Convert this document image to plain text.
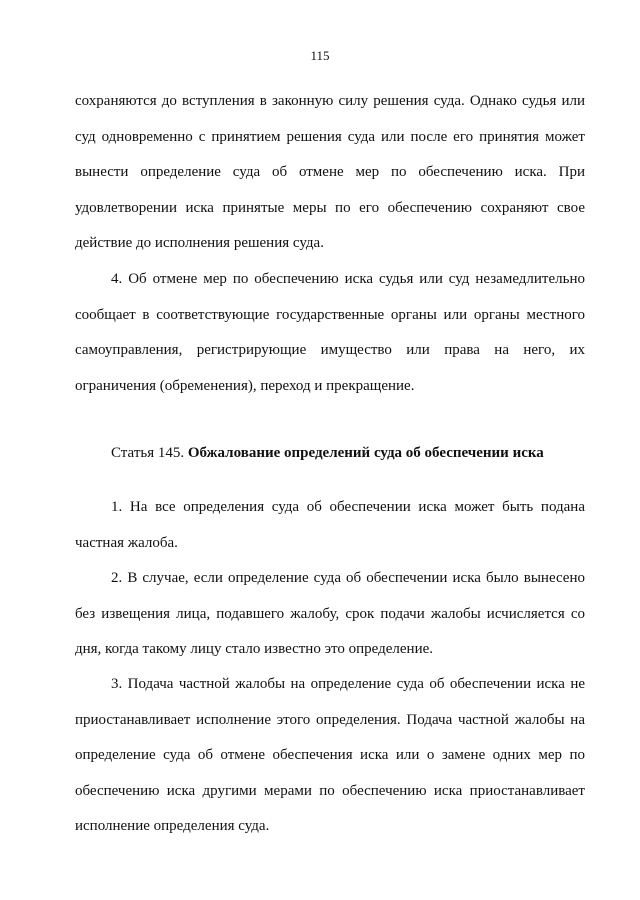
115

сохраняются до вступления в законную силу решения суда. Однако судья или суд одновременно с принятием решения суда или после его принятия может вынести определение суда об отмене мер по обеспечению иска. При удовлетворении иска принятые меры по его обеспечению сохраняют свое действие до исполнения решения суда.

4. Об отмене мер по обеспечению иска судья или суд незамедлительно сообщает в соответствующие государственные органы или органы местного самоуправления, регистрирующие имущество или права на него, их ограничения (обременения), переход и прекращение.

Статья 145. Обжалование определений суда об обеспечении иска

1. На все определения суда об обеспечении иска может быть подана частная жалоба.

2. В случае, если определение суда об обеспечении иска было вынесено без извещения лица, подавшего жалобу, срок подачи жалобы исчисляется со дня, когда такому лицу стало известно это определение.

3. Подача частной жалобы на определение суда об обеспечении иска не приостанавливает исполнение этого определения. Подача частной жалобы на определение суда об отмене обеспечения иска или о замене одних мер по обеспечению иска другими мерами по обеспечению иска приостанавливает исполнение определения суда.
